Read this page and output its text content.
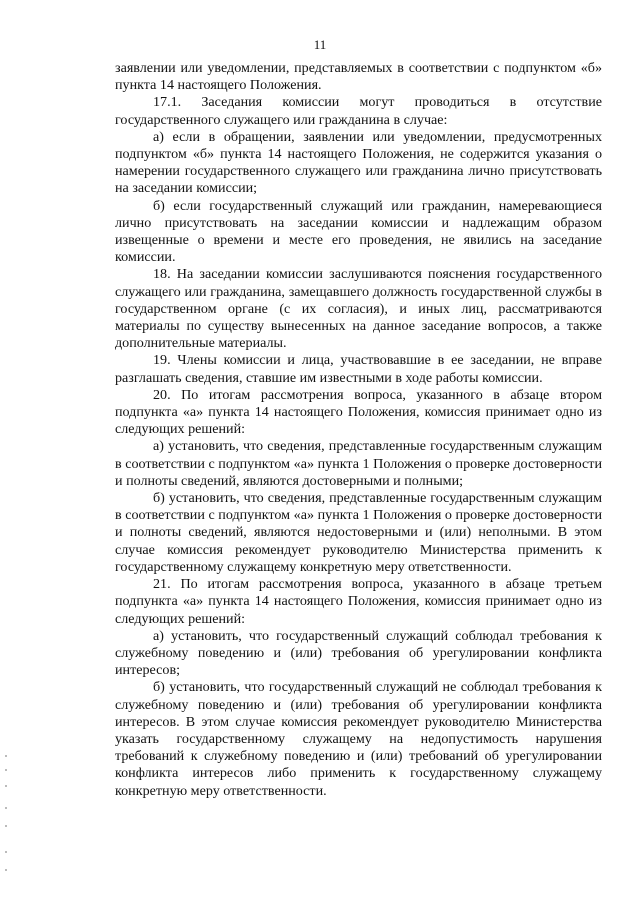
11

заявлении или уведомлении, представляемых в соответствии с подпунктом «б» пункта 14 настоящего Положения.

17.1. Заседания комиссии могут проводиться в отсутствие государственного служащего или гражданина в случае:

а) если в обращении, заявлении или уведомлении, предусмотренных подпунктом «б» пункта 14 настоящего Положения, не содержится указания о намерении государственного служащего или гражданина лично присутствовать на заседании комиссии;

б) если государственный служащий или гражданин, намеревающиеся лично присутствовать на заседании комиссии и надлежащим образом извещенные о времени и месте его проведения, не явились на заседание комиссии.

18. На заседании комиссии заслушиваются пояснения государственного служащего или гражданина, замещавшего должность государственной службы в государственном органе (с их согласия), и иных лиц, рассматриваются материалы по существу вынесенных на данное заседание вопросов, а также дополнительные материалы.

19. Члены комиссии и лица, участвовавшие в ее заседании, не вправе разглашать сведения, ставшие им известными в ходе работы комиссии.

20. По итогам рассмотрения вопроса, указанного в абзаце втором подпункта «а» пункта 14 настоящего Положения, комиссия принимает одно из следующих решений:

а) установить, что сведения, представленные государственным служащим в соответствии с подпунктом «а» пункта 1 Положения о проверке достоверности и полноты сведений, являются достоверными и полными;

б) установить, что сведения, представленные государственным служащим в соответствии с подпунктом «а» пункта 1 Положения о проверке достоверности и полноты сведений, являются недостоверными и (или) неполными. В этом случае комиссия рекомендует руководителю Министерства применить к государственному служащему конкретную меру ответственности.

21. По итогам рассмотрения вопроса, указанного в абзаце третьем подпункта «а» пункта 14 настоящего Положения, комиссия принимает одно из следующих решений:

а) установить, что государственный служащий соблюдал требования к служебному поведению и (или) требования об урегулировании конфликта интересов;

б) установить, что государственный служащий не соблюдал требования к служебному поведению и (или) требования об урегулировании конфликта интересов. В этом случае комиссия рекомендует руководителю Министерства указать государственному служащему на недопустимость нарушения требований к служебному поведению и (или) требований об урегулировании конфликта интересов либо применить к государственному служащему конкретную меру ответственности.
